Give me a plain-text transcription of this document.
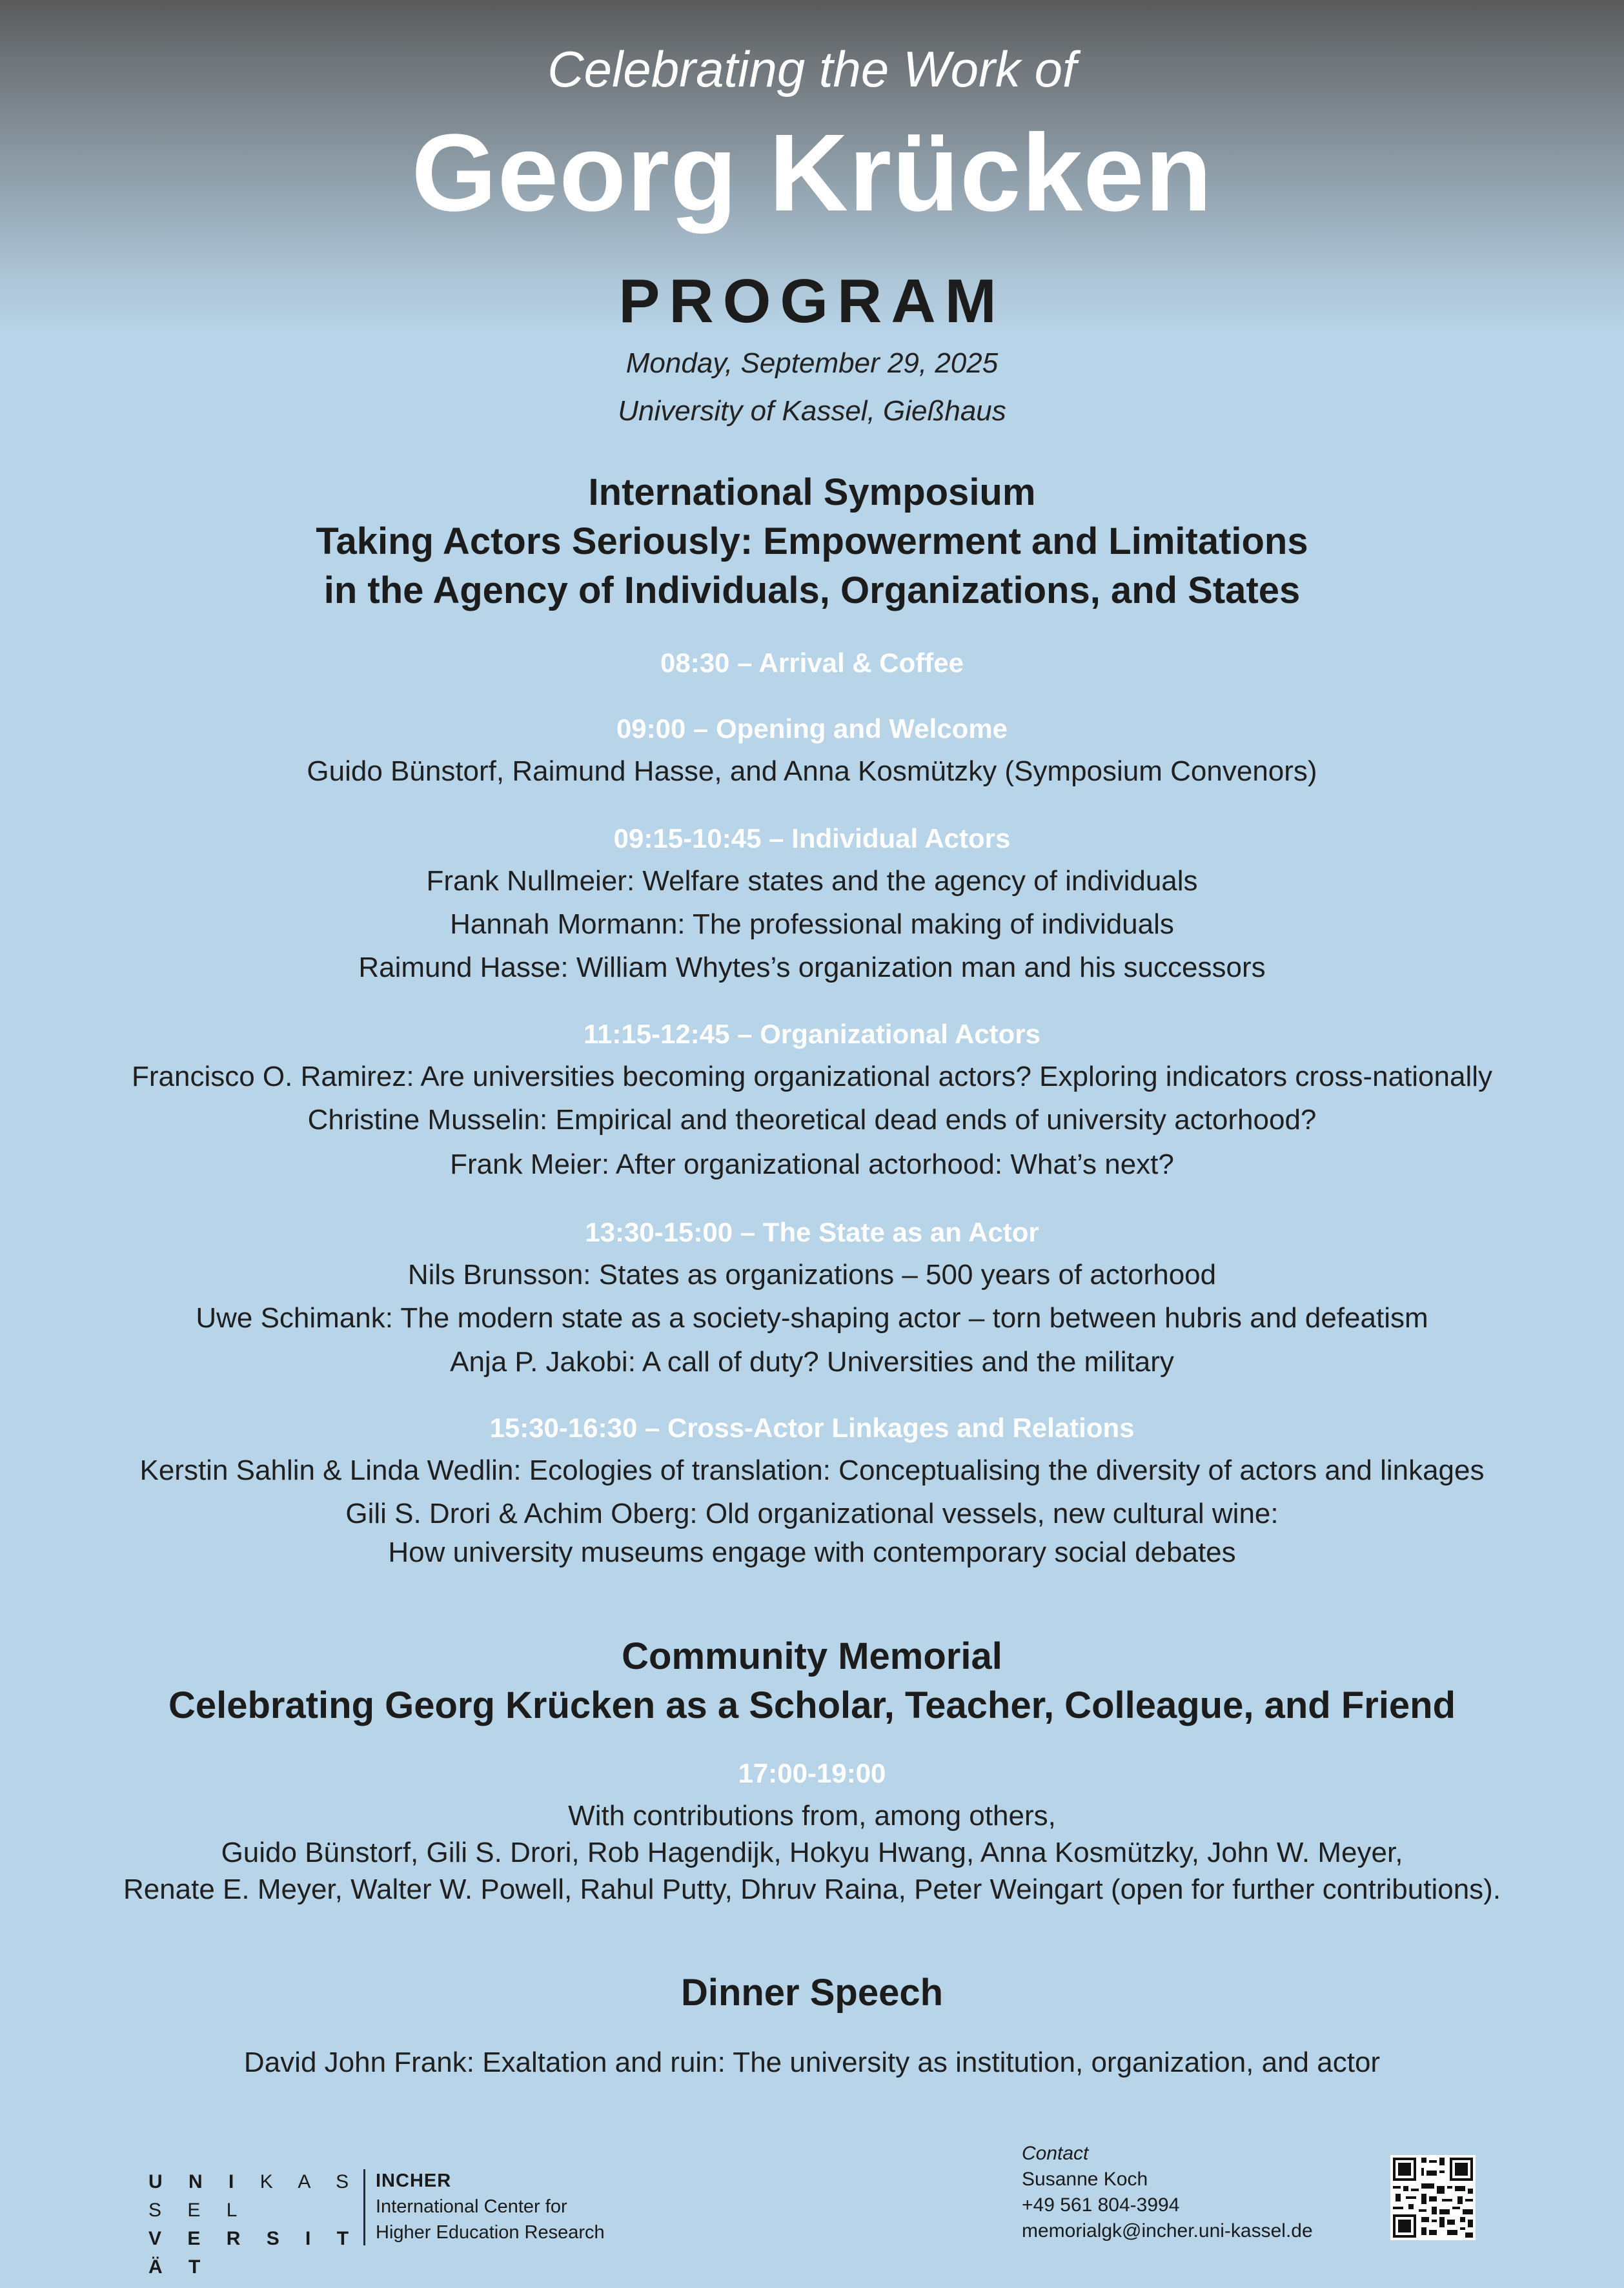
Celebrating the Work of
Georg Krücken
PROGRAM
Monday, September 29, 2025
University of Kassel, Gießhaus
International Symposium
Taking Actors Seriously: Empowerment and Limitations
in the Agency of Individuals, Organizations, and States
08:30 – Arrival & Coffee
09:00 – Opening and Welcome
Guido Bünstorf, Raimund Hasse, and Anna Kosmützky (Symposium Convenors)
09:15-10:45 – Individual Actors
Frank Nullmeier: Welfare states and the agency of individuals
Hannah Mormann: The professional making of individuals
Raimund Hasse: William Whytes’s organization man and his successors
11:15-12:45 – Organizational Actors
Francisco O. Ramirez: Are universities becoming organizational actors? Exploring indicators cross-nationally
Christine Musselin: Empirical and theoretical dead ends of university actorhood?
Frank Meier: After organizational actorhood: What’s next?
13:30-15:00 – The State as an Actor
Nils Brunsson: States as organizations – 500 years of actorhood
Uwe Schimank: The modern state as a society-shaping actor – torn between hubris and defeatism
Anja P. Jakobi: A call of duty? Universities and the military
15:30-16:30 – Cross-Actor Linkages and Relations
Kerstin Sahlin & Linda Wedlin: Ecologies of translation: Conceptualising the diversity of actors and linkages
Gili S. Drori & Achim Oberg: Old organizational vessels, new cultural wine:
How university museums engage with contemporary social debates
Community Memorial
Celebrating Georg Krücken as a Scholar, Teacher, Colleague, and Friend
17:00-19:00
With contributions from, among others,
Guido Bünstorf, Gili S. Drori, Rob Hagendijk, Hokyu Hwang, Anna Kosmützky, John W. Meyer,
Renate E. Meyer, Walter W. Powell, Rahul Putty, Dhruv Raina, Peter Weingart (open for further contributions).
Dinner Speech
David John Frank: Exaltation and ruin: The university as institution, organization, and actor
U N I K A S S E L
V E R S I T Ä T
INCHER
International Center for
Higher Education Research
Contact
Susanne Koch
+49 561 804-3994
memorialgk@incher.uni-kassel.de
